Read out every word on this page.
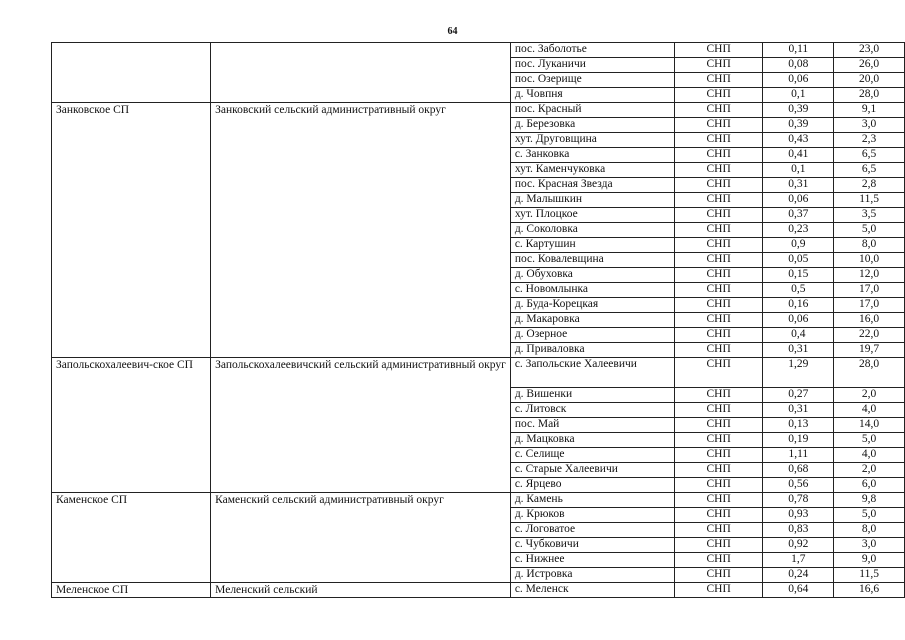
64
		пос. Заболотье	СНП	0,11	23,0
		пос. Луканичи	СНП	0,08	26,0
		пос. Озерище	СНП	0,06	20,0
		д. Човпня	СНП	0,1	28,0
Занковское СП	Занковский сельский административный округ	пос. Красный	СНП	0,39	9,1
		д. Березовка	СНП	0,39	3,0
		хут. Друговщина	СНП	0,43	2,3
		с. Занковка	СНП	0,41	6,5
		хут. Каменчуковка	СНП	0,1	6,5
		пос. Красная Звезда	СНП	0,31	2,8
		д. Малышкин	СНП	0,06	11,5
		хут. Плоцкое	СНП	0,37	3,5
		д. Соколовка	СНП	0,23	5,0
		с. Картушин	СНП	0,9	8,0
		пос. Ковалевщина	СНП	0,05	10,0
		д. Обуховка	СНП	0,15	12,0
		с. Новомлынка	СНП	0,5	17,0
		д. Буда-Корецкая	СНП	0,16	17,0
		д. Макаровка	СНП	0,06	16,0
		д. Озерное	СНП	0,4	22,0
		д. Приваловка	СНП	0,31	19,7
Запольскохалеевич-ское СП	Запольскохалеевичский сельский административный округ	с. Запольские Халеевичи	СНП	1,29	28,0
		д. Вишенки	СНП	0,27	2,0
		с. Литовск	СНП	0,31	4,0
		пос. Май	СНП	0,13	14,0
		д. Мацковка	СНП	0,19	5,0
		с. Селище	СНП	1,11	4,0
		с. Старые Халеевичи	СНП	0,68	2,0
		с. Ярцево	СНП	0,56	6,0
Каменское СП	Каменский сельский административный округ	д. Камень	СНП	0,78	9,8
		д. Крюков	СНП	0,93	5,0
		с. Логоватое	СНП	0,83	8,0
		с. Чубковичи	СНП	0,92	3,0
		с. Нижнее	СНП	1,7	9,0
		д. Истровка	СНП	0,24	11,5
Меленское СП	Меленский сельский	с. Меленск	СНП	0,64	16,6
